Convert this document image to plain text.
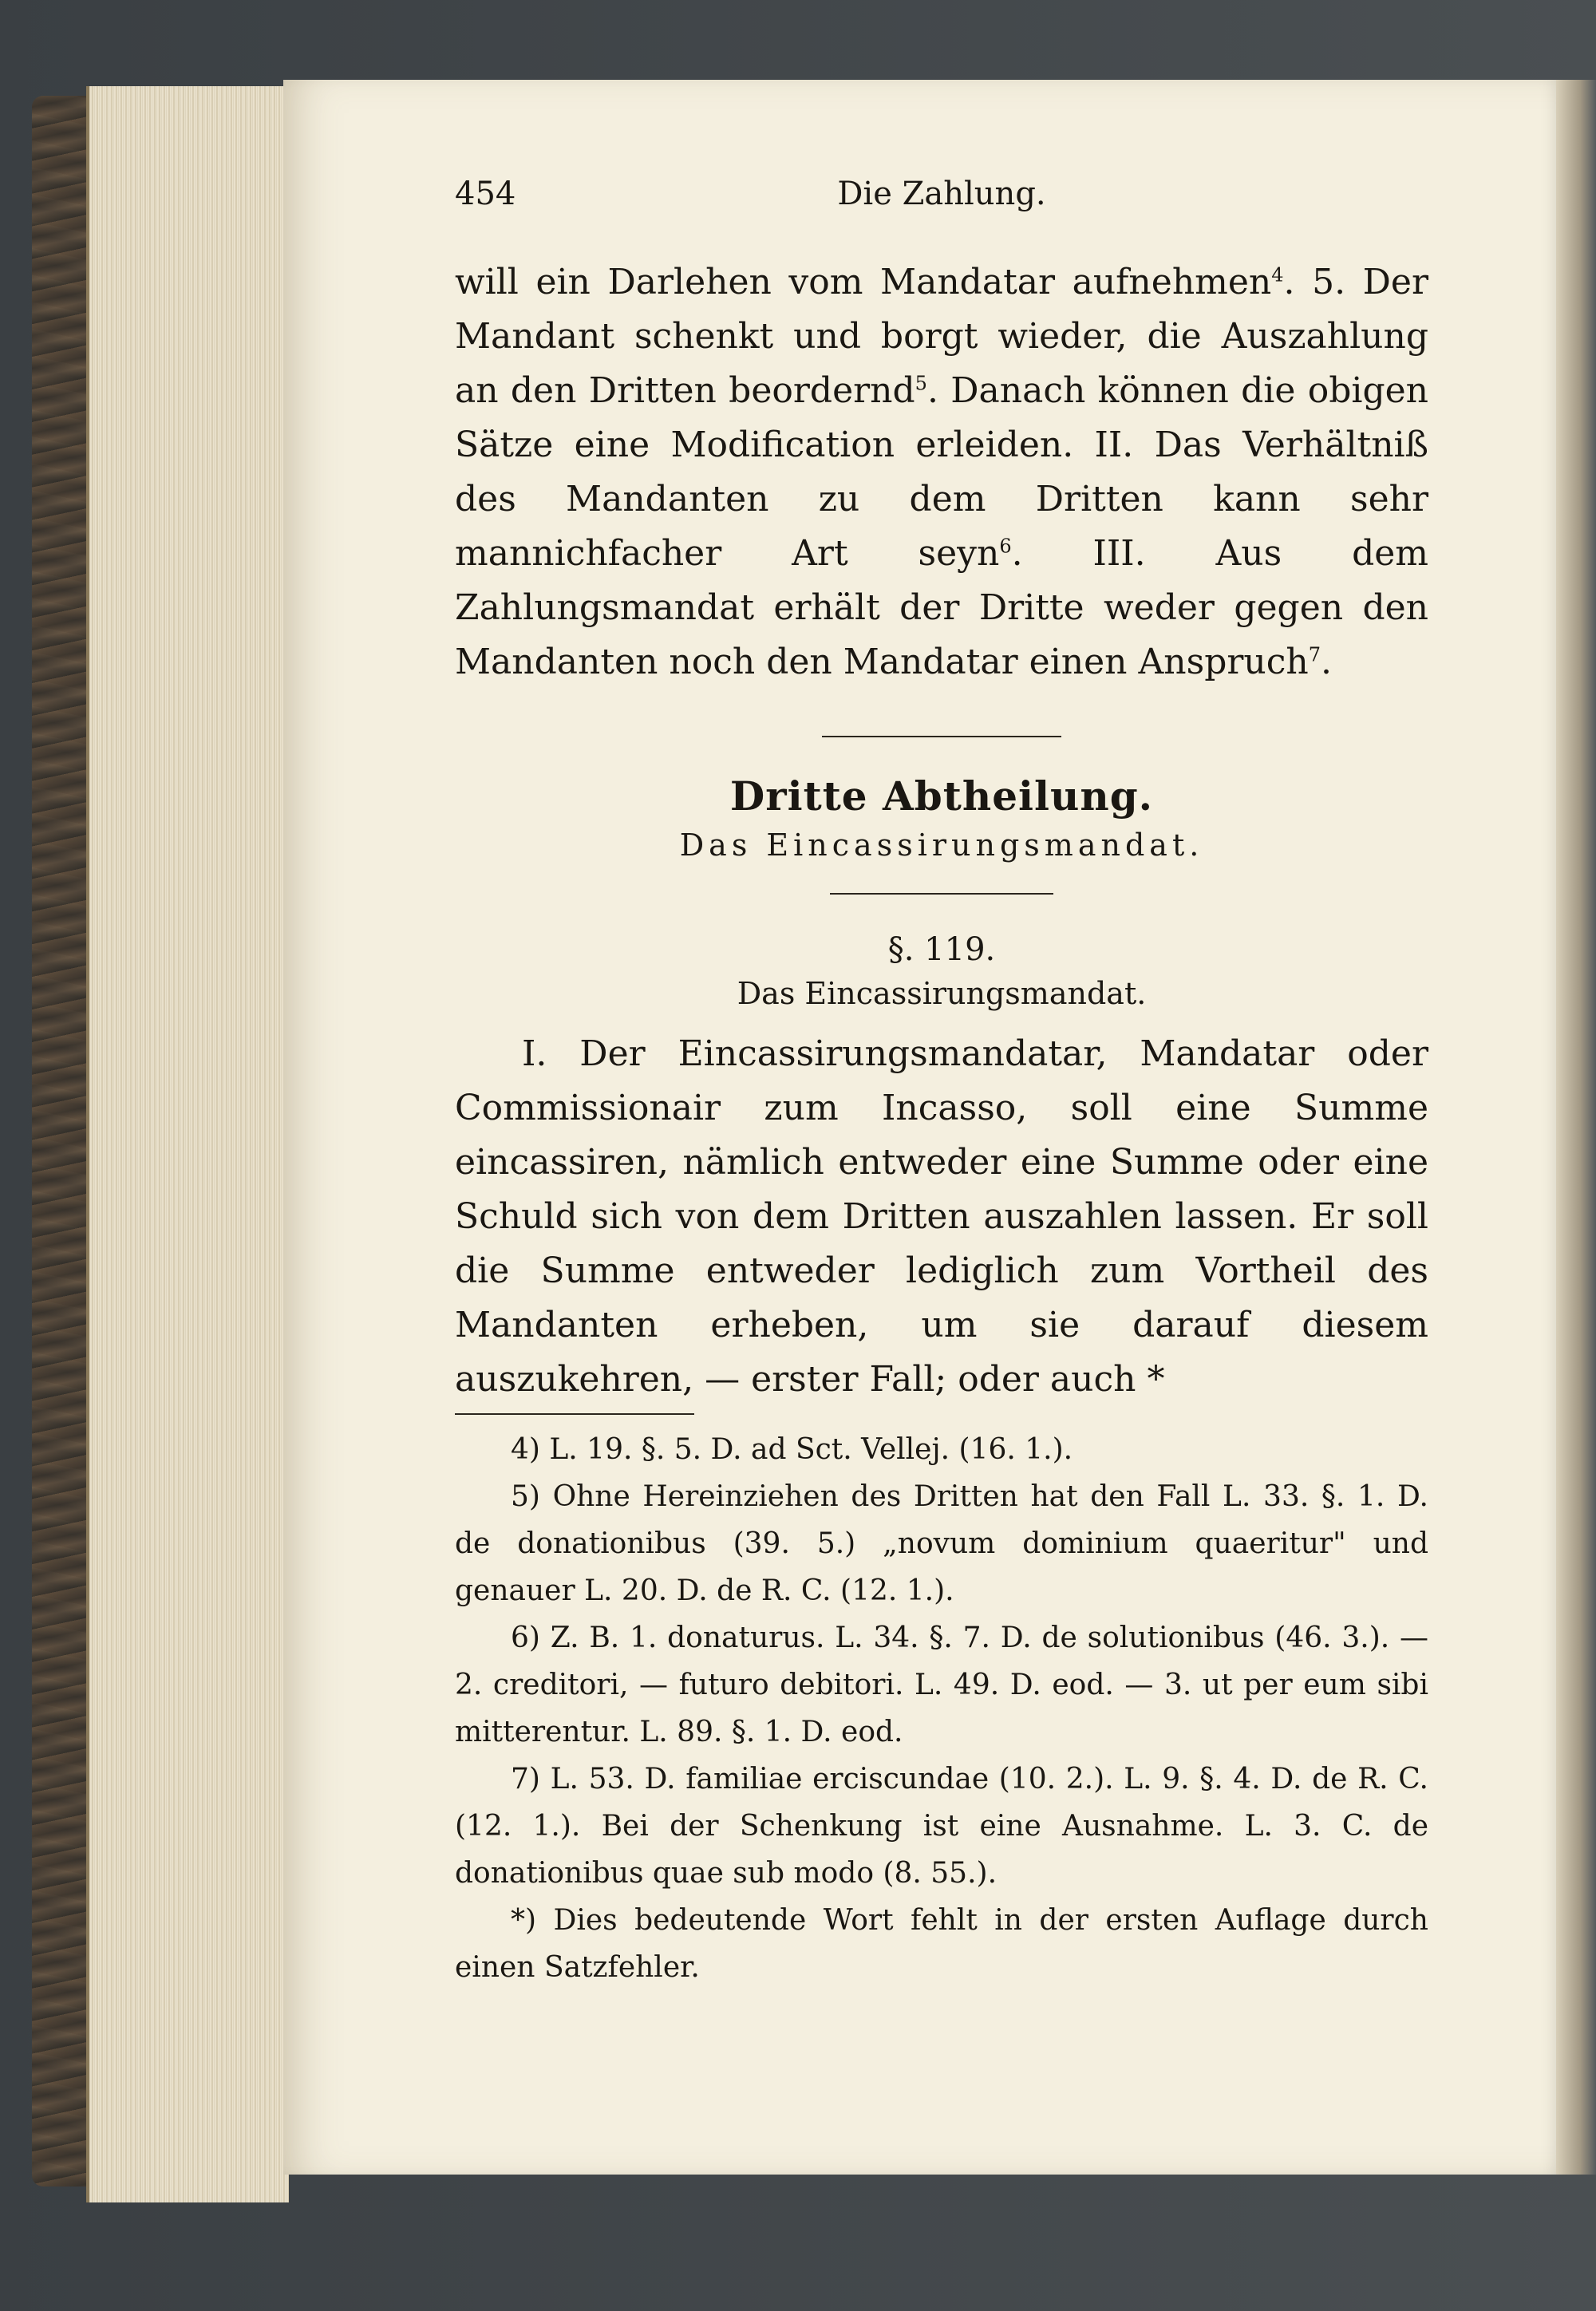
454	Die Zahlung.

will ein Darlehen vom Mandatar aufnehmen$^4$. 5. Der Mandant schenkt und borgt wieder, die Auszahlung an den Dritten beordernd$^5$. Danach können die obigen Sätze eine Modification erleiden. II. Das Verhältniß des Mandanten zu dem Dritten kann sehr mannichfacher Art seyn$^6$. III. Aus dem Zahlungsmandat erhält der Dritte weder gegen den Mandanten noch den Mandatar einen Anspruch$^7$.

Dritte Abtheilung.
Das Eincassirungsmandat.
§. 119.
Das Eincassirungsmandat.

I. Der Eincassirungsmandatar, Mandatar oder Commissionair zum Incasso, soll eine Summe eincassiren, nämlich entweder eine Summe oder eine Schuld sich von dem Dritten auszahlen lassen. Er soll die Summe entweder lediglich zum Vortheil des Mandanten erheben, um sie darauf diesem auszukehren, — erster Fall; oder auch *

4) L. 19. §. 5. D. ad Sct. Vellej. (16. 1.).

5) Ohne Hereinziehen des Dritten hat den Fall L. 33. §. 1. D. de donationibus (39. 5.) „novum dominium quaeritur" und genauer L. 20. D. de R. C. (12. 1.).

6) Z. B. 1. donaturus. L. 34. §. 7. D. de solutionibus (46. 3.). — 2. creditori, — futuro debitori. L. 49. D. eod. — 3. ut per eum sibi mitterentur. L. 89. §. 1. D. eod.

7) L. 53. D. familiae erciscundae (10. 2.). L. 9. §. 4. D. de R. C. (12. 1.). Bei der Schenkung ist eine Ausnahme. L. 3. C. de donationibus quae sub modo (8. 55.).

*) Dies bedeutende Wort fehlt in der ersten Auflage durch einen Satzfehler.
